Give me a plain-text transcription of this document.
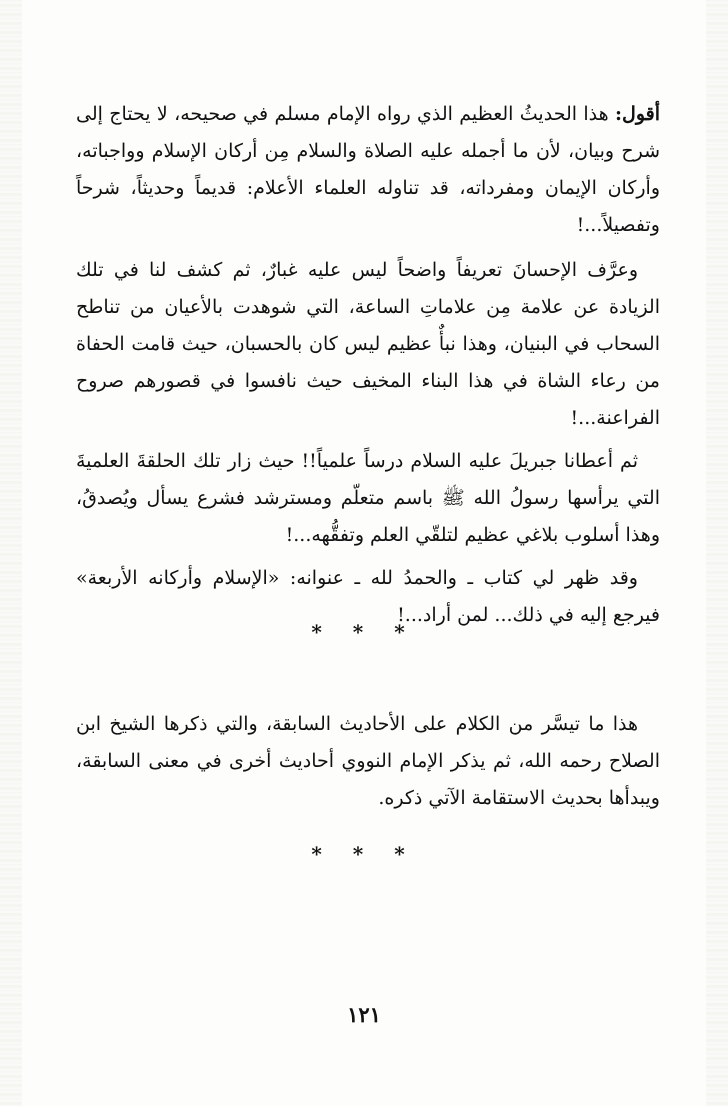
أقول: هذا الحديثُ العظيم الذي رواه الإمام مسلم في صحيحه، لا يحتاج إلى شرح وبيان، لأن ما أجمله عليه الصلاة والسلام مِن أركان الإسلام وواجباته، وأركان الإيمان ومفرداته، قد تناوله العلماء الأعلام: قديماً وحديثاً، شرحاً وتفصيلاً...!

وعرَّف الإحسانَ تعريفاً واضحاً ليس عليه غبارٌ، ثم كشف لنا في تلك الزيادة عن علامة مِن علاماتِ الساعة، التي شوهدت بالأعيان من تناطح السحاب في البنيان، وهذا نبأٌ عظيم ليس كان بالحسبان، حيث قامت الحفاة من رعاء الشاة في هذا البناء المخيف حيث نافسوا في قصورهم صروح الفراعنة...!

ثم أعطانا جبريلَ عليه السلام درساً علمياً!! حيث زار تلك الحلقةَ العلميةَ التي يرأسها رسولُ الله ﷺ باسم متعلّم ومسترشد فشرع يسأل ويُصدقُ، وهذا أسلوب بلاغي عظيم لتلقّي العلم وتفقُّهه...!

وقد ظهر لي كتاب ـ والحمدُ لله ـ عنوانه: «الإسلام وأركانه الأربعة» فيرجع إليه في ذلك... لمن أراد...!

* * *

هذا ما تيسَّر من الكلام على الأحاديث السابقة، والتي ذكرها الشيخ ابن الصلاح رحمه الله، ثم يذكر الإمام النووي أحاديث أخرى في معنى السابقة، ويبدأها بحديث الاستقامة الآتي ذكره.

* * *
١٢١
